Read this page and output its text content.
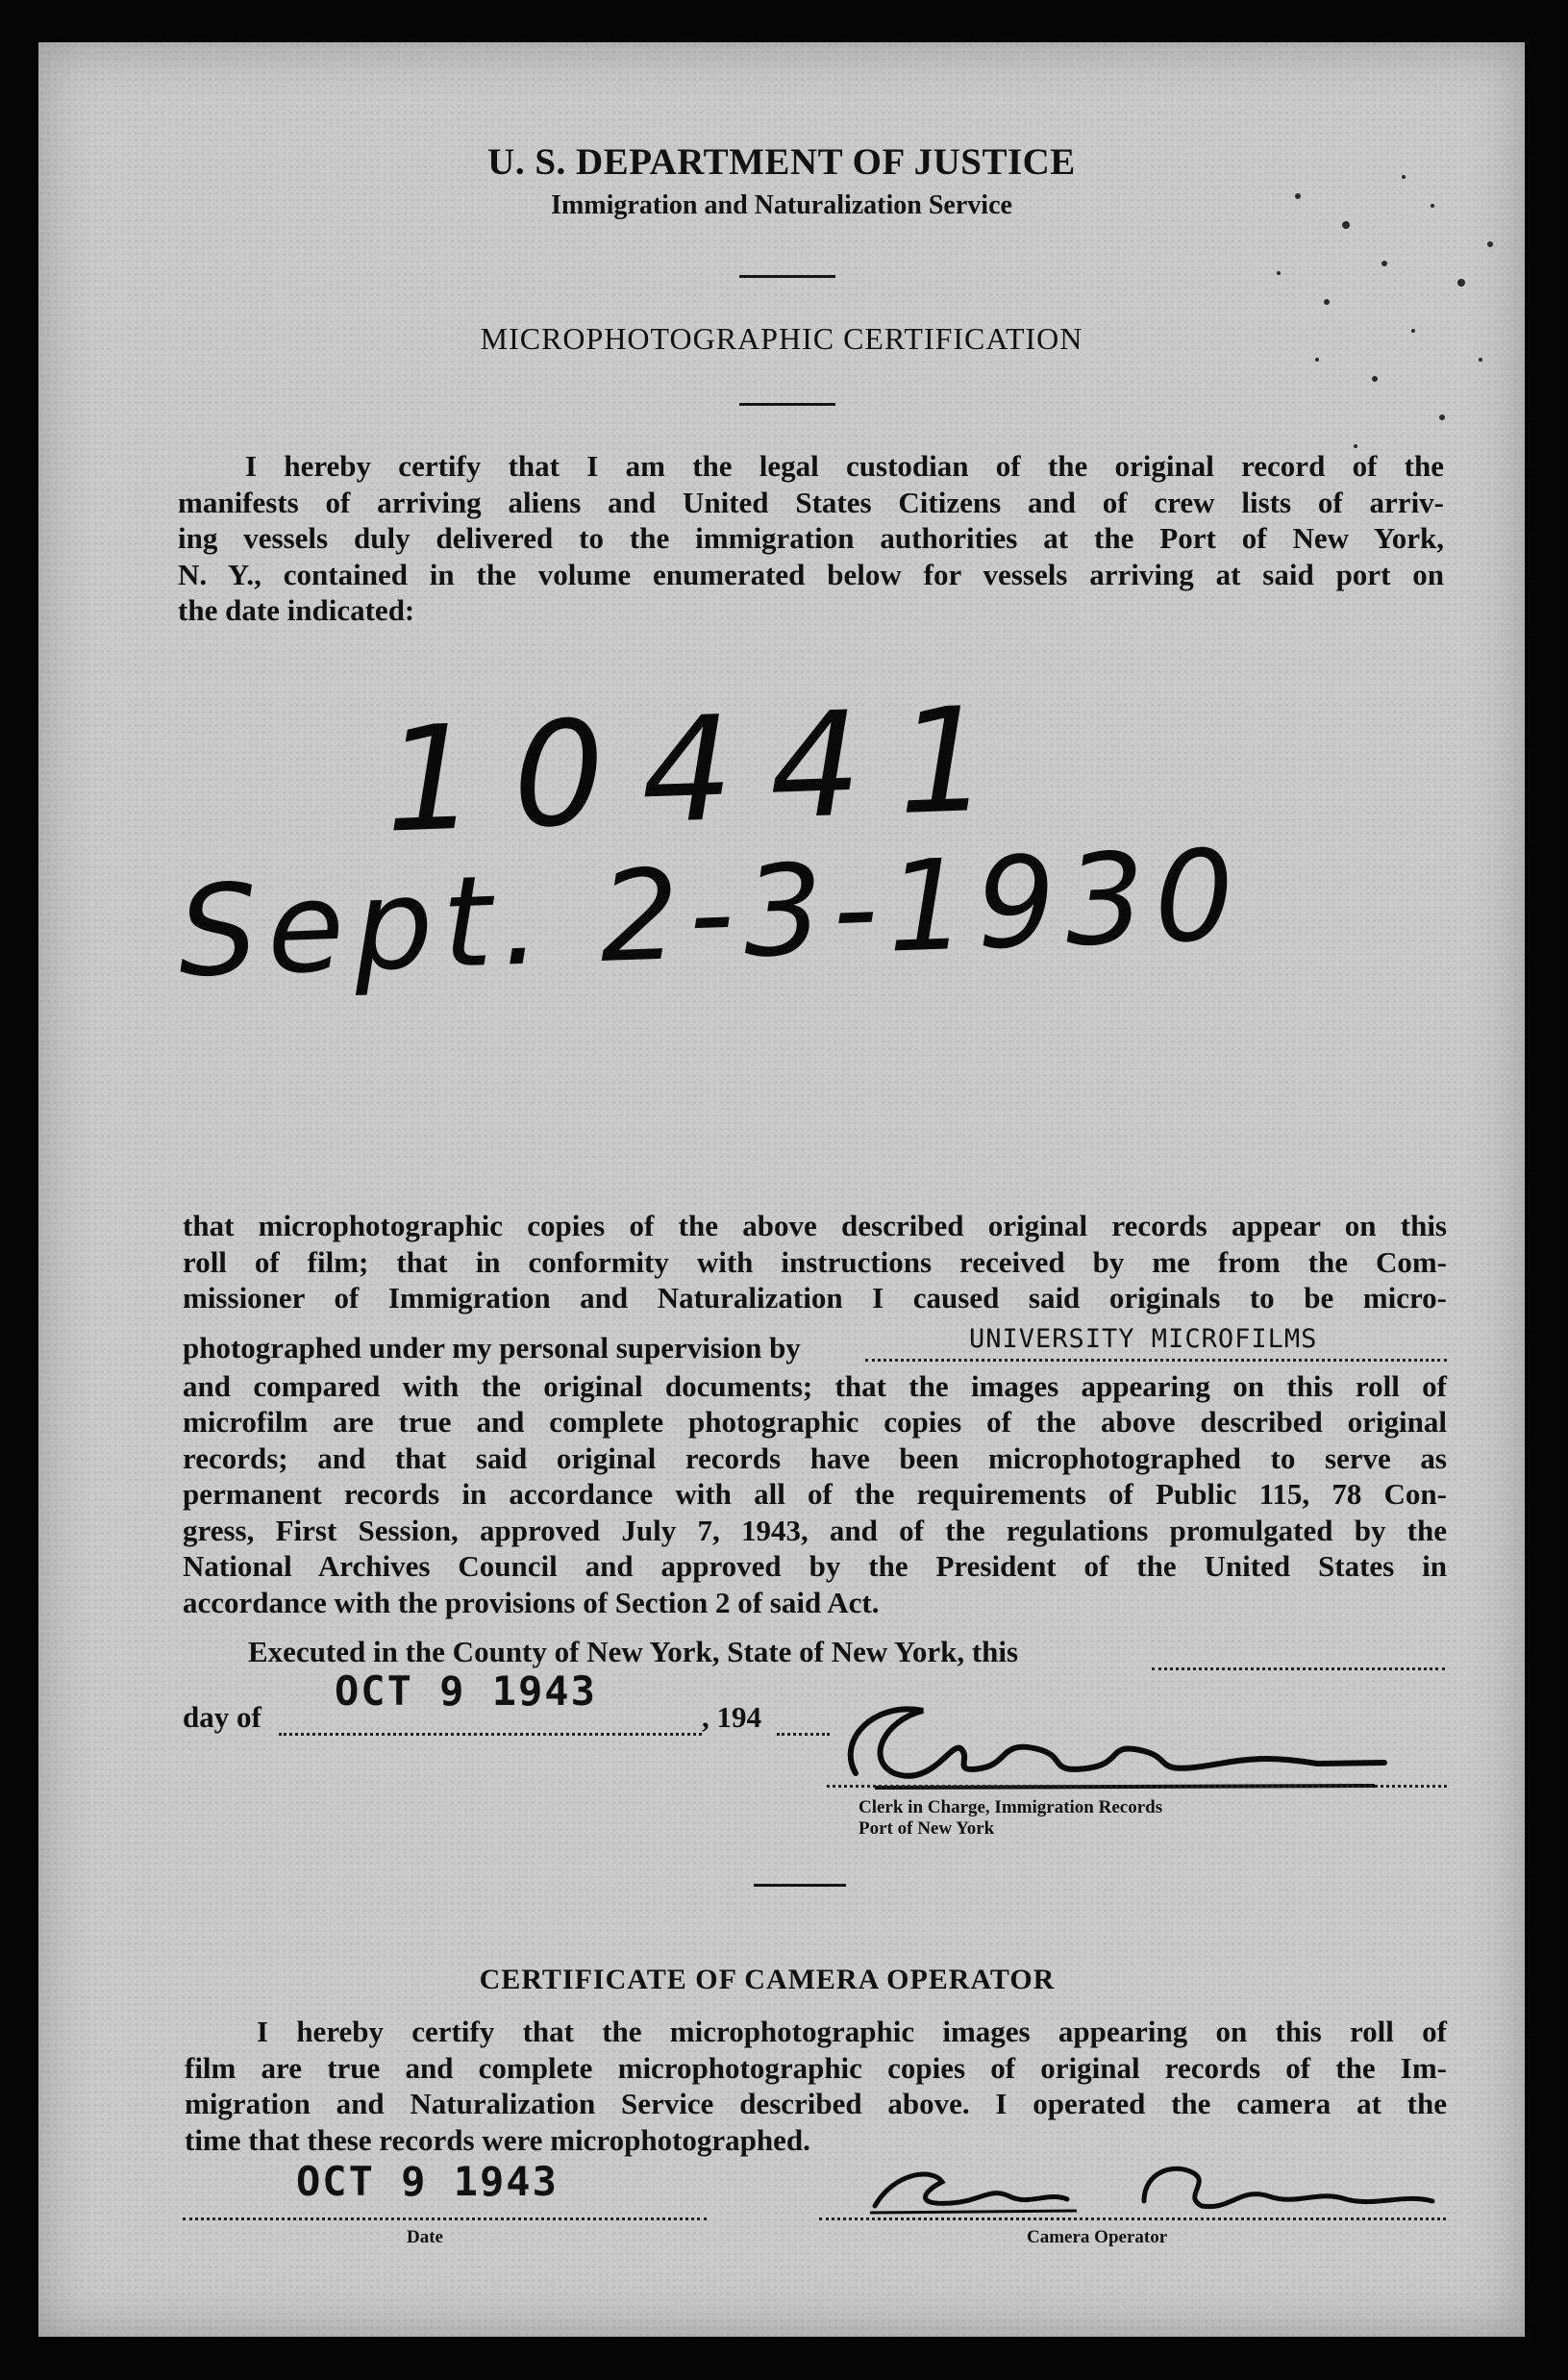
U. S. DEPARTMENT OF JUSTICE
Immigration and Naturalization Service
MICROPHOTOGRAPHIC CERTIFICATION
I hereby certify that I am the legal custodian of the original record of the
manifests of arriving aliens and United States Citizens and of crew lists of arriv-
ing vessels duly delivered to the immigration authorities at the Port of New York,
N. Y., contained in the volume enumerated below for vessels arriving at said port on
the date indicated:
10441
Sept. 2-3-1930
that microphotographic copies of the above described original records appear on this
roll of film; that in conformity with instructions received by me from the Com-
missioner of Immigration and Naturalization I caused said originals to be micro-
photographed under my personal supervision by	UNIVERSITY MICROFILMS
and compared with the original documents; that the images appearing on this roll of
microfilm are true and complete photographic copies of the above described original
records; and that said original records have been microphotographed to serve as
permanent records in accordance with all of the requirements of Public 115, 78 Con-
gress, First Session, approved July 7, 1943, and of the regulations promulgated by the
National Archives Council and approved by the President of the United States in
accordance with the provisions of Section 2 of said Act.
Executed in the County of New York, State of New York, this
day of
OCT 9 1943
, 194
Clerk in Charge, Immigration Records
Port of New York
CERTIFICATE OF CAMERA OPERATOR
I hereby certify that the microphotographic images appearing on this roll of
film are true and complete microphotographic copies of original records of the Im-
migration and Naturalization Service described above. I operated the camera at the
time that these records were microphotographed.
OCT 9 1943
Date	Camera Operator
